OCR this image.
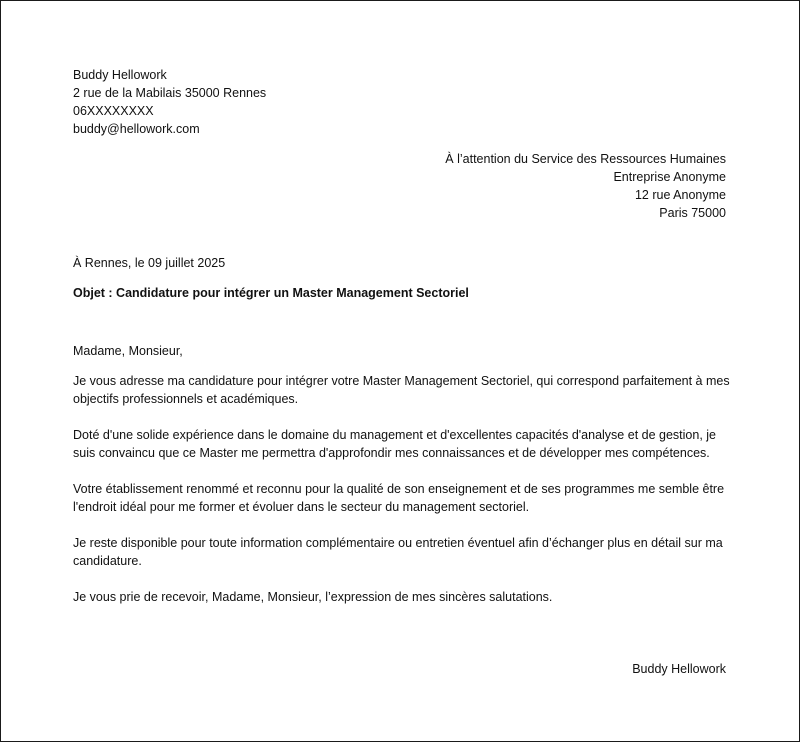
Buddy Hellowork
2 rue de la Mabilais 35000 Rennes
06XXXXXXXX
buddy@hellowork.com
À l’attention du Service des Ressources Humaines
Entreprise Anonyme
12 rue Anonyme
Paris 75000
À Rennes, le 09 juillet 2025
Objet : Candidature pour intégrer un Master Management Sectoriel
Madame, Monsieur,

Je vous adresse ma candidature pour intégrer votre Master Management Sectoriel, qui correspond parfaitement à mes objectifs professionnels et académiques.

Doté d'une solide expérience dans le domaine du management et d'excellentes capacités d'analyse et de gestion, je suis convaincu que ce Master me permettra d'approfondir mes connaissances et de développer mes compétences.

Votre établissement renommé et reconnu pour la qualité de son enseignement et de ses programmes me semble être l'endroit idéal pour me former et évoluer dans le secteur du management sectoriel.

Je reste disponible pour toute information complémentaire ou entretien éventuel afin d’échanger plus en détail sur ma candidature.

Je vous prie de recevoir, Madame, Monsieur, l’expression de mes sincères salutations.

Buddy Hellowork
